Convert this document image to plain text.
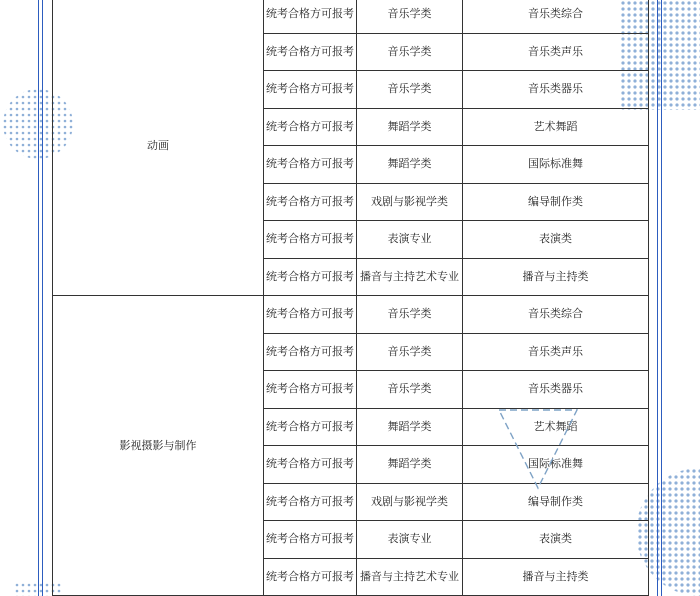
动画	统考合格方可报考	音乐学类	音乐类综合
	统考合格方可报考	音乐学类	音乐类声乐
	统考合格方可报考	音乐学类	音乐类器乐
	统考合格方可报考	舞蹈学类	艺术舞蹈
	统考合格方可报考	舞蹈学类	国际标准舞
	统考合格方可报考	戏剧与影视学类	编导制作类
	统考合格方可报考	表演专业	表演类
	统考合格方可报考	播音与主持艺术专业	播音与主持类
影视摄影与制作	统考合格方可报考	音乐学类	音乐类综合
	统考合格方可报考	音乐学类	音乐类声乐
	统考合格方可报考	音乐学类	音乐类器乐
	统考合格方可报考	舞蹈学类	艺术舞蹈
	统考合格方可报考	舞蹈学类	国际标准舞
	统考合格方可报考	戏剧与影视学类	编导制作类
	统考合格方可报考	表演专业	表演类
	统考合格方可报考	播音与主持艺术专业	播音与主持类
